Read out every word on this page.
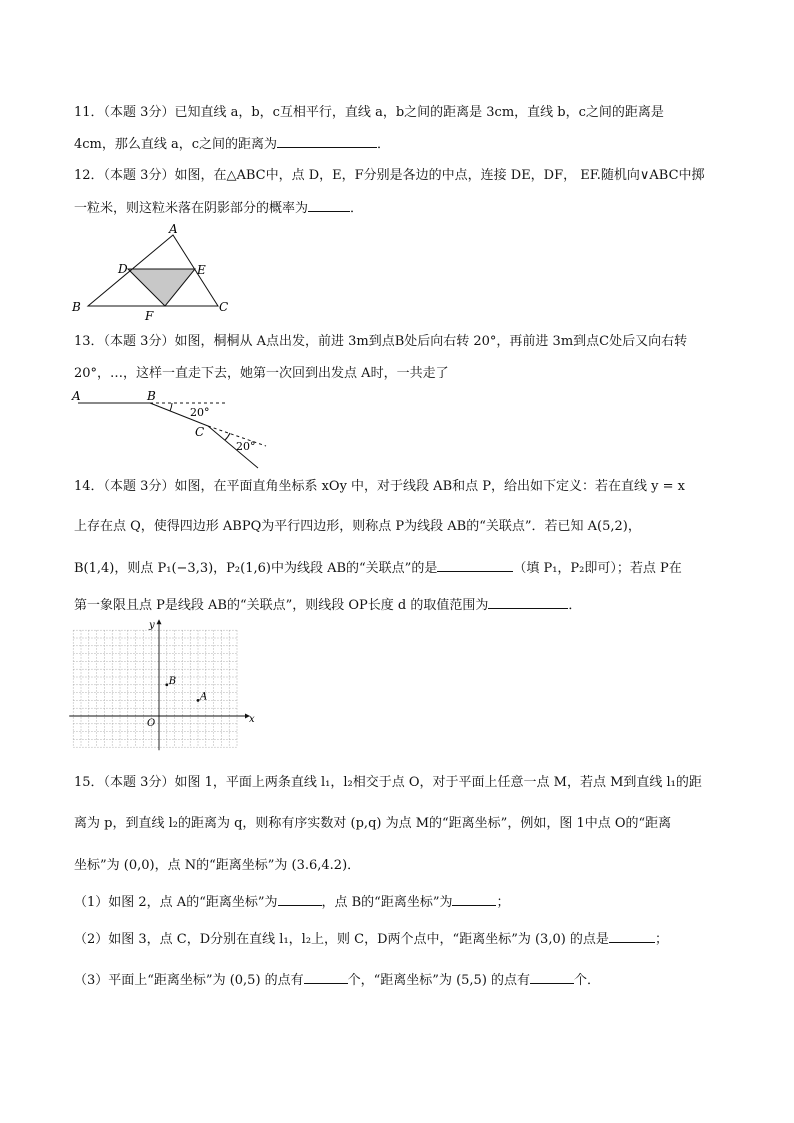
11．（本题 3分）已知直线 a，b，c互相平行，直线 a，b之间的距离是 3cm，直线 b，c之间的距离是
4cm，那么直线 a，c之间的距离为	．
12．（本题 3分）如图，在△ABC中，点 D，E，F分别是各边的中点，连接 DE，DF， EF.随机向∨ABC中掷
一粒米，则这粒米落在阴影部分的概率为	．
A
B	C
D	E
F
13．（本题 3分）如图，桐桐从 A点出发，前进 3m到点B处后向右转 20°，再前进 3m到点C处后又向右转
20°，…，这样一直走下去，她第一次回到出发点 A时，一共走了
A	B
C
20°
20°
14．（本题 3分）如图，在平面直角坐标系 xOy 中，对于线段 AB和点 P，给出如下定义：若在直线 y = x
上存在点 Q，使得四边形 ABPQ为平行四边形，则称点 P为线段 AB的“关联点”．若已知 A(5,2)，
B(1,4)，则点 P₁(−3,3)，P₂(1,6)中为线段 AB的“关联点”的是	（填 P₁，P₂即可）；若点 P在
第一象限且点 P是线段 AB的“关联点”，则线段 OP长度 d 的取值范围为	．
x
y
O
A
B
15．（本题 3分）如图 1，平面上两条直线 l₁，l₂相交于点 O，对于平面上任意一点 M，若点 M到直线 l₁的距
离为 p，到直线 l₂的距离为 q，则称有序实数对 (p,q) 为点 M的“距离坐标”，例如，图 1中点 O的“距离
坐标”为 (0,0)，点 N的“距离坐标”为 (3.6,4.2)．
（1）如图 2，点 A的“距离坐标”为	，点 B的“距离坐标”为	；
（2）如图 3，点 C，D分别在直线 l₁，l₂上，则 C，D两个点中，“距离坐标”为 (3,0) 的点是	；
（3）平面上“距离坐标”为 (0,5) 的点有	个，“距离坐标”为 (5,5) 的点有	个．
